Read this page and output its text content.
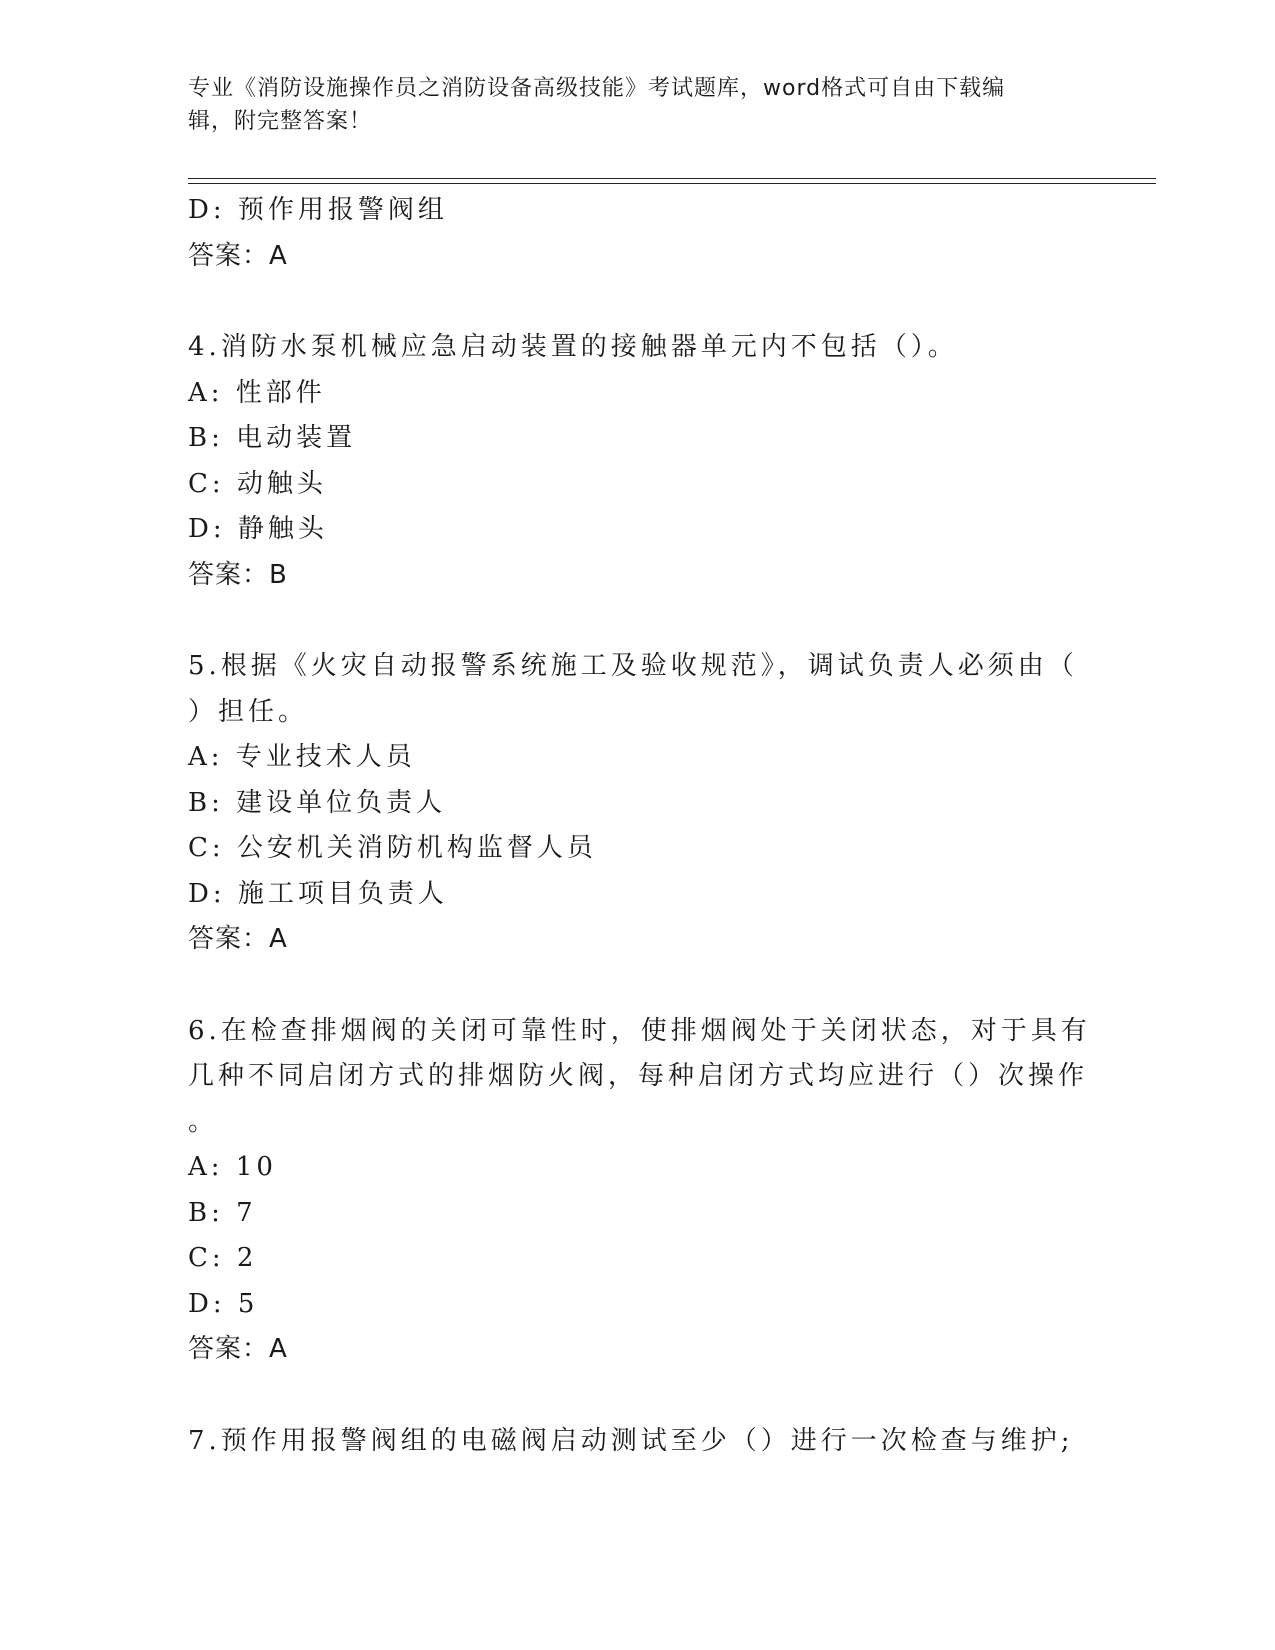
专业《消防设施操作员之消防设备高级技能》考试题库，word格式可自由下载编
辑，附完整答案！
D: 预作用报警阀组
答案：A
4.消防水泵机械应急启动装置的接触器单元内不包括（）。
A: 性部件
B: 电动装置
C: 动触头
D: 静触头
答案：B
5.根据《火灾自动报警系统施工及验收规范》，调试负责人必须由（
）担任。
A: 专业技术人员
B: 建设单位负责人
C: 公安机关消防机构监督人员
D: 施工项目负责人
答案：A
6.在检查排烟阀的关闭可靠性时，使排烟阀处于关闭状态，对于具有
几种不同启闭方式的排烟防火阀，每种启闭方式均应进行（）次操作
。
A: 10
B: 7
C: 2
D: 5
答案：A
7.预作用报警阀组的电磁阀启动测试至少（）进行一次检查与维护;
